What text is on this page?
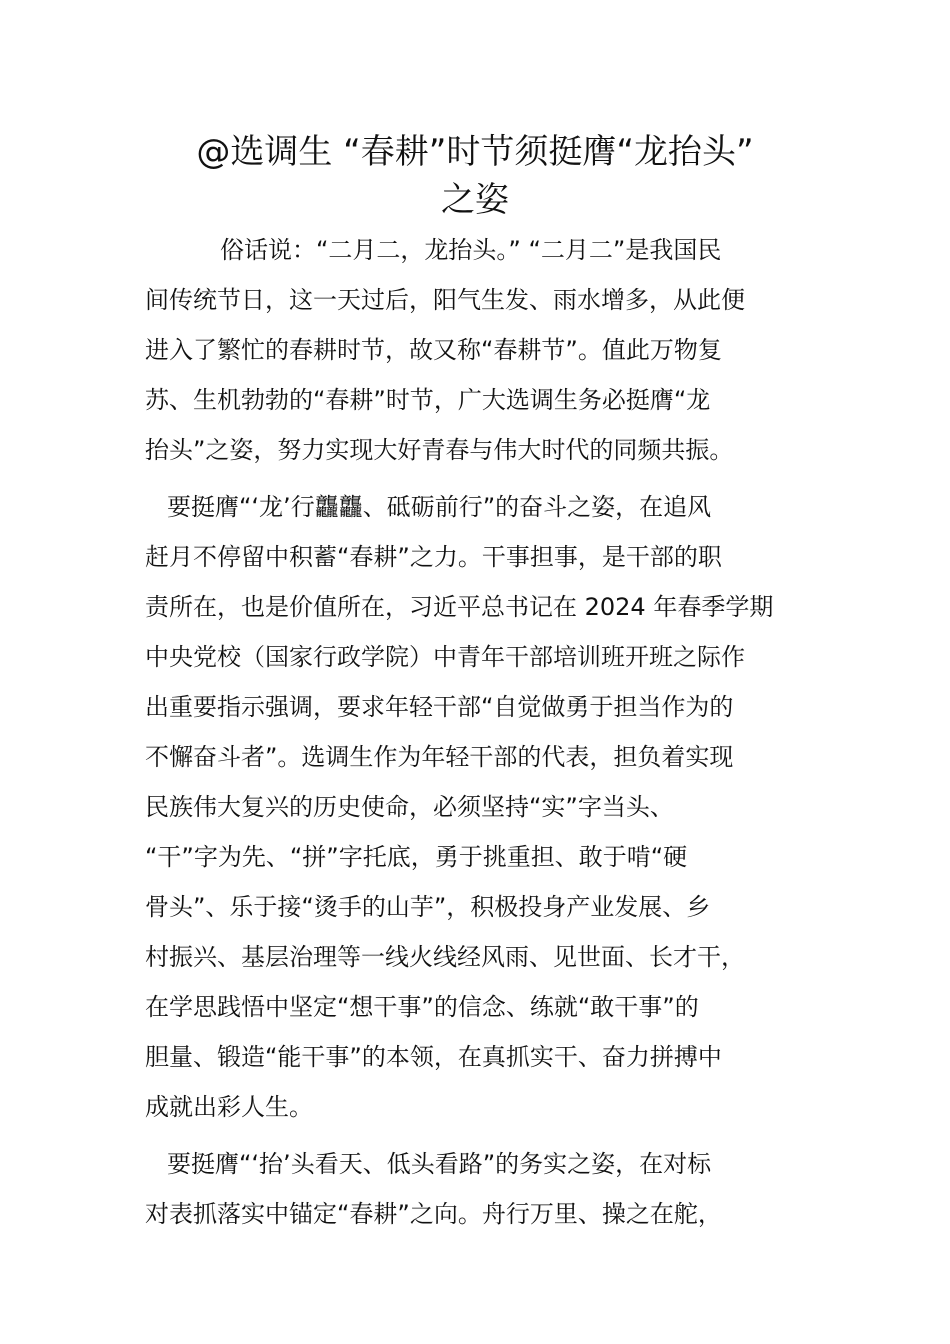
@选调生 “春耕”时节须挺膺“龙抬头”
之姿
俗话说：“二月二，龙抬头。” “二月二”是我国民
间传统节日，这一天过后，阳气生发、雨水增多，从此便
进入了繁忙的春耕时节，故又称“春耕节”。值此万物复
苏、生机勃勃的“春耕”时节，广大选调生务必挺膺“龙
抬头”之姿，努力实现大好青春与伟大时代的同频共振。
要挺膺“‘龙’行龘龘、砥砺前行”的奋斗之姿，在追风
赶月不停留中积蓄“春耕”之力。干事担事，是干部的职
责所在，也是价值所在，习近平总书记在 2024 年春季学期
中央党校（国家行政学院）中青年干部培训班开班之际作
出重要指示强调，要求年轻干部“自觉做勇于担当作为的
不懈奋斗者”。选调生作为年轻干部的代表，担负着实现
民族伟大复兴的历史使命，必须坚持“实”字当头、
“干”字为先、“拼”字托底，勇于挑重担、敢于啃“硬
骨头”、乐于接“烫手的山芋”，积极投身产业发展、乡
村振兴、基层治理等一线火线经风雨、见世面、长才干，
在学思践悟中坚定“想干事”的信念、练就“敢干事”的
胆量、锻造“能干事”的本领，在真抓实干、奋力拼搏中
成就出彩人生。
要挺膺“‘抬’头看天、低头看路”的务实之姿，在对标
对表抓落实中锚定“春耕”之向。舟行万里、操之在舵，
